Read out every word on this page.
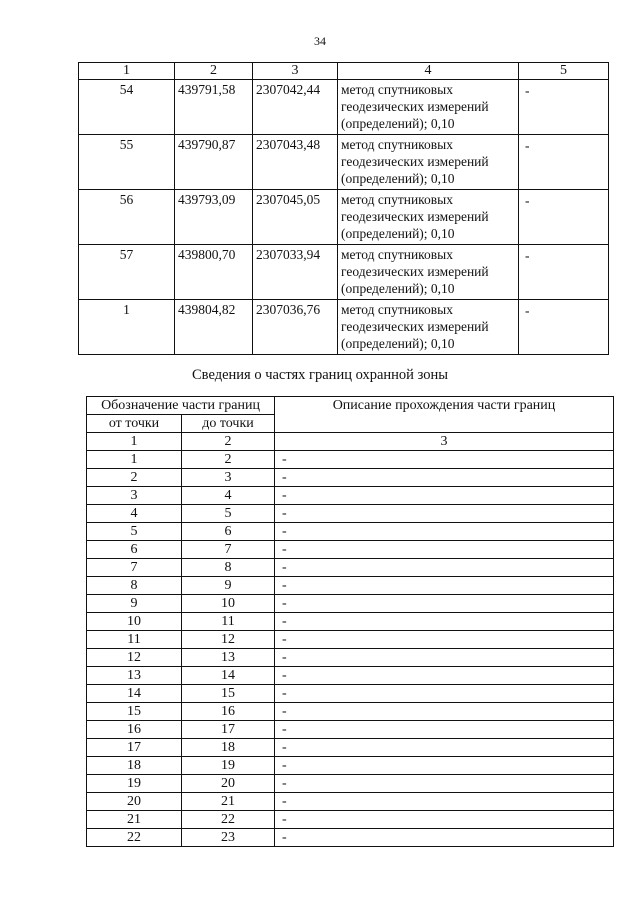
34
1	2	3	4	5
54	439791,58	2307042,44	метод спутниковых геодезических измерений (определений); 0,10	-
55	439790,87	2307043,48	метод спутниковых геодезических измерений (определений); 0,10	-
56	439793,09	2307045,05	метод спутниковых геодезических измерений (определений); 0,10	-
57	439800,70	2307033,94	метод спутниковых геодезических измерений (определений); 0,10	-
1	439804,82	2307036,76	метод спутниковых геодезических измерений (определений); 0,10	-
Сведения о частях границ охранной зоны
Обозначение части границ		Описание прохождения части границ
от точки	до точки	
1	2	3
1	2	-
2	3	-
3	4	-
4	5	-
5	6	-
6	7	-
7	8	-
8	9	-
9	10	-
10	11	-
11	12	-
12	13	-
13	14	-
14	15	-
15	16	-
16	17	-
17	18	-
18	19	-
19	20	-
20	21	-
21	22	-
22	23	-
